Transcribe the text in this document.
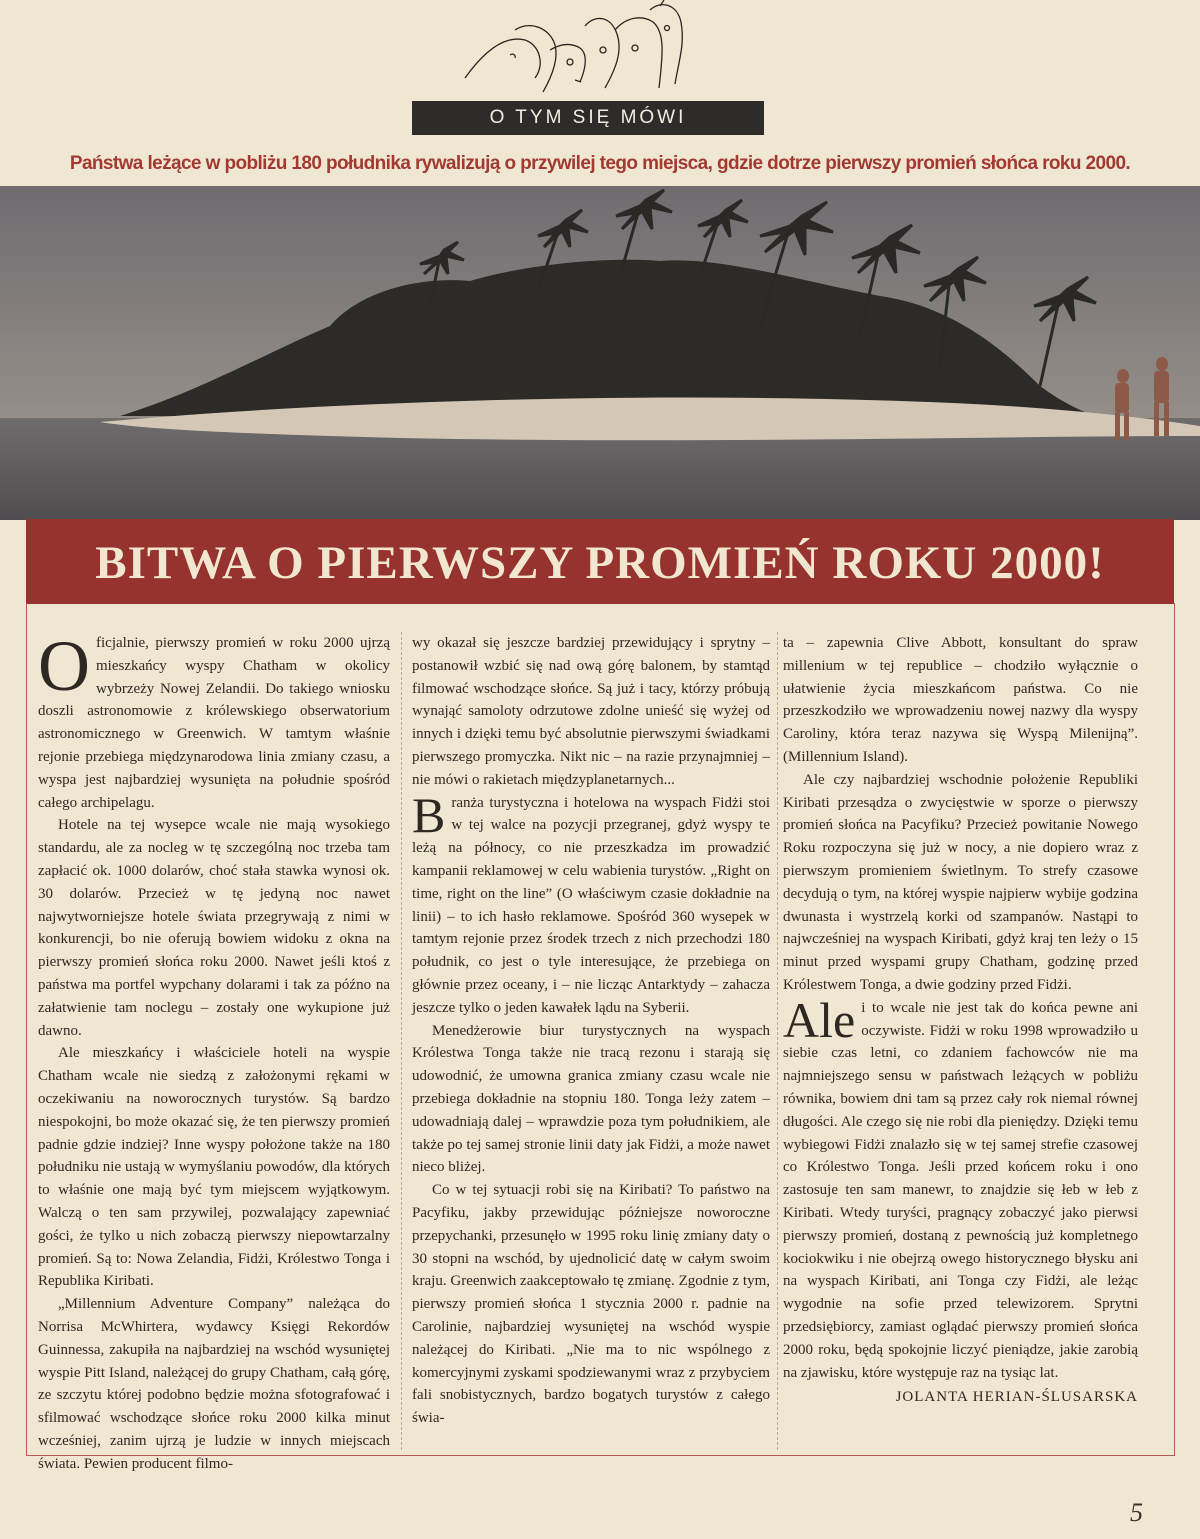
O TYM SIĘ MÓWI
Państwa leżące w pobliżu 180 południka rywalizują o przywilej tego miejsca, gdzie dotrze pierwszy promień słońca roku 2000.
BITWA O PIERWSZY PROMIEŃ ROKU 2000!

Oficjalnie, pierwszy promień w roku 2000 ujrzą mieszkańcy wyspy Chatham w okolicy wybrzeży Nowej Zelandii. Do takiego wniosku doszli astronomowie z królewskiego obserwatorium astronomicznego w Greenwich. W tamtym właśnie rejonie przebiega międzynarodowa linia zmiany czasu, a wyspa jest najbardziej wysunięta na południe spośród całego archipelagu.

Hotele na tej wysepce wcale nie mają wysokiego standardu, ale za nocleg w tę szczególną noc trzeba tam zapłacić ok. 1000 dolarów, choć stała stawka wynosi ok. 30 dolarów. Przecież w tę jedyną noc nawet najwytworniejsze hotele świata przegrywają z nimi w konkurencji, bo nie oferują bowiem widoku z okna na pierwszy promień słońca roku 2000. Nawet jeśli ktoś z państwa ma portfel wypchany dolarami i tak za późno na załatwienie tam noclegu – zostały one wykupione już dawno.

Ale mieszkańcy i właściciele hoteli na wyspie Chatham wcale nie siedzą z założonymi rękami w oczekiwaniu na noworocznych turystów. Są bardzo niespokojni, bo może okazać się, że ten pierwszy promień padnie gdzie indziej? Inne wyspy położone także na 180 południku nie ustają w wymyślaniu powodów, dla których to właśnie one mają być tym miejscem wyjątkowym. Walczą o ten sam przywilej, pozwalający zapewniać gości, że tylko u nich zobaczą pierwszy niepowtarzalny promień. Są to: Nowa Zelandia, Fidżi, Królestwo Tonga i Republika Kiribati.

„Millennium Adventure Company” należąca do Norrisa McWhirtera, wydawcy Księgi Rekordów Guinnessa, zakupiła na najbardziej na wschód wysuniętej wyspie Pitt Island, należącej do grupy Chatham, całą górę, ze szczytu której podobno będzie można sfotografować i sfilmować wschodzące słońce roku 2000 kilka minut wcześniej, zanim ujrzą je ludzie w innych miejscach świata. Pewien producent filmo-

wy okazał się jeszcze bardziej przewidujący i sprytny – postanowił wzbić się nad ową górę balonem, by stamtąd filmować wschodzące słońce. Są już i tacy, którzy próbują wynająć samoloty odrzutowe zdolne unieść się wyżej od innych i dzięki temu być absolutnie pierwszymi świadkami pierwszego promyczka. Nikt nic – na razie przynajmniej – nie mówi o rakietach międzyplanetarnych...

Branża turystyczna i hotelowa na wyspach Fidżi stoi w tej walce na pozycji przegranej, gdyż wyspy te leżą na północy, co nie przeszkadza im prowadzić kampanii reklamowej w celu wabienia turystów. „Right on time, right on the line” (O właściwym czasie dokładnie na linii) – to ich hasło reklamowe. Spośród 360 wysepek w tamtym rejonie przez środek trzech z nich przechodzi 180 południk, co jest o tyle interesujące, że przebiega on głównie przez oceany, i – nie licząc Antarktydy – zahacza jeszcze tylko o jeden kawałek lądu na Syberii.

Menedżerowie biur turystycznych na wyspach Królestwa Tonga także nie tracą rezonu i starają się udowodnić, że umowna granica zmiany czasu wcale nie przebiega dokładnie na stopniu 180. Tonga leży zatem – udowadniają dalej – wprawdzie poza tym południkiem, ale także po tej samej stronie linii daty jak Fidżi, a może nawet nieco bliżej.

Co w tej sytuacji robi się na Kiribati? To państwo na Pacyfiku, jakby przewidując późniejsze noworoczne przepychanki, przesunęło w 1995 roku linię zmiany daty o 30 stopni na wschód, by ujednolicić datę w całym swoim kraju. Greenwich zaakceptowało tę zmianę. Zgodnie z tym, pierwszy promień słońca 1 stycznia 2000 r. padnie na Carolinie, najbardziej wysuniętej na wschód wyspie należącej do Kiribati. „Nie ma to nic wspólnego z komercyjnymi zyskami spodziewanymi wraz z przybyciem fali snobistycznych, bardzo bogatych turystów z całego świa-

ta – zapewnia Clive Abbott, konsultant do spraw millenium w tej republice – chodziło wyłącznie o ułatwienie życia mieszkańcom państwa. Co nie przeszkodziło we wprowadzeniu nowej nazwy dla wyspy Caroliny, która teraz nazywa się Wyspą Milenijną”. (Millennium Island).

Ale czy najbardziej wschodnie położenie Republiki Kiribati przesądza o zwycięstwie w sporze o pierwszy promień słońca na Pacyfiku? Przecież powitanie Nowego Roku rozpoczyna się już w nocy, a nie dopiero wraz z pierwszym promieniem świetlnym. To strefy czasowe decydują o tym, na której wyspie najpierw wybije godzina dwunasta i wystrzelą korki od szampanów. Nastąpi to najwcześniej na wyspach Kiribati, gdyż kraj ten leży o 15 minut przed wyspami grupy Chatham, godzinę przed Królestwem Tonga, a dwie godziny przed Fidżi.

Ale i to wcale nie jest tak do końca pewne ani oczywiste. Fidżi w roku 1998 wprowadziło u siebie czas letni, co zdaniem fachowców nie ma najmniejszego sensu w państwach leżących w pobliżu równika, bowiem dni tam są przez cały rok niemal równej długości. Ale czego się nie robi dla pieniędzy. Dzięki temu wybiegowi Fidżi znalazło się w tej samej strefie czasowej co Królestwo Tonga. Jeśli przed końcem roku i ono zastosuje ten sam manewr, to znajdzie się łeb w łeb z Kiribati. Wtedy turyści, pragnący zobaczyć jako pierwsi pierwszy promień, dostaną z pewnością już kompletnego kociokwiku i nie obejrzą owego historycznego błysku ani na wyspach Kiribati, ani Tonga czy Fidżi, ale leżąc wygodnie na sofie przed telewizorem. Sprytni przedsiębiorcy, zamiast oglądać pierwszy promień słońca 2000 roku, będą spokojnie liczyć pieniądze, jakie zarobią na zjawisku, które występuje raz na tysiąc lat.

JOLANTA HERIAN-ŚLUSARSKA
5
